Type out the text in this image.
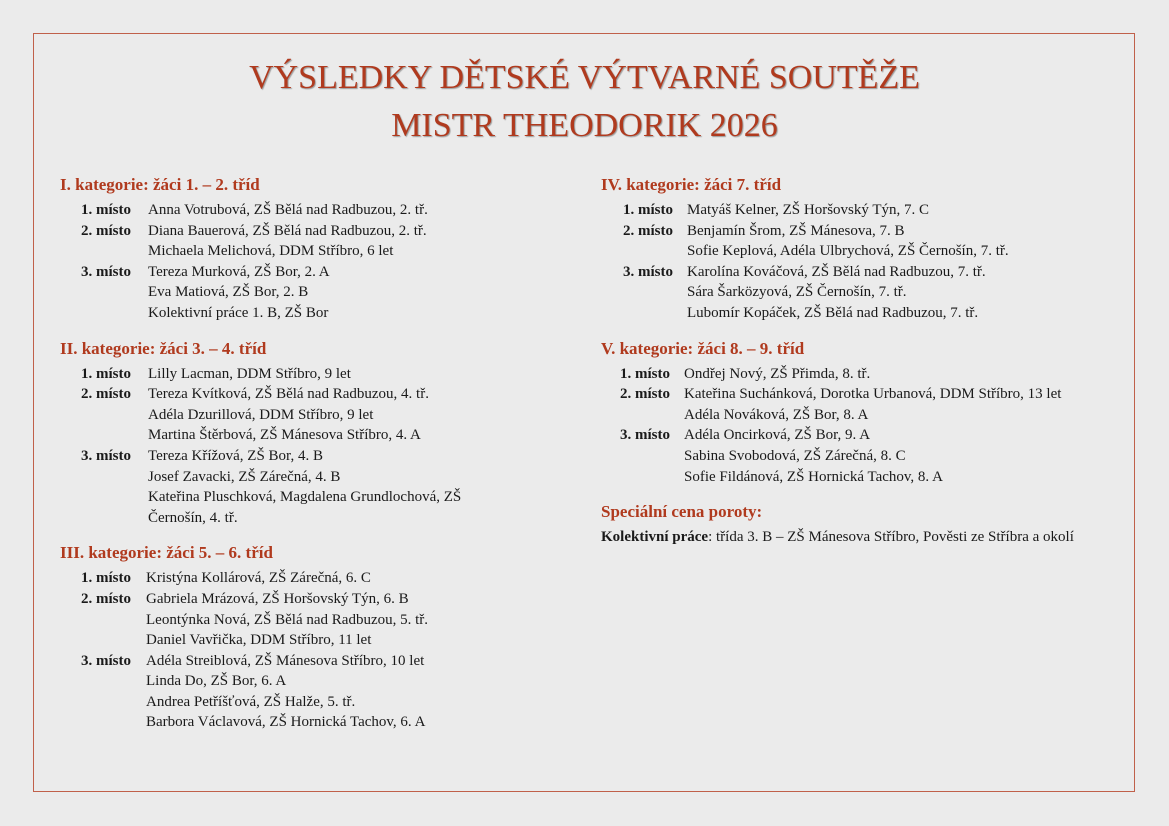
VÝSLEDKY DĚTSKÉ VÝTVARNÉ SOUTĚŽE
MISTR THEODORIK 2026
I. kategorie: žáci 1. – 2. tříd
1. místo Anna Votrubová, ZŠ Bělá nad Radbuzou, 2. tř.
2. místo Diana Bauerová, ZŠ Bělá nad Radbuzou, 2. tř.
Michaela Melichová, DDM Stříbro, 6 let
3. místo Tereza Murková, ZŠ Bor, 2. A
Eva Matiová, ZŠ Bor, 2. B
Kolektivní práce 1. B, ZŠ Bor
II. kategorie: žáci 3. – 4. tříd
1. místo Lilly Lacman, DDM Stříbro, 9 let
2. místo Tereza Kvítková, ZŠ Bělá nad Radbuzou, 4. tř.
Adéla Dzurillová, DDM Stříbro, 9 let
Martina Štěrbová, ZŠ Mánesova Stříbro, 4. A
3. místo Tereza Křížová, ZŠ Bor, 4. B
Josef Zavacki, ZŠ Zárečná, 4. B
Kateřina Pluschková, Magdalena Grundlochová, ZŠ
Černošín, 4. tř.
III. kategorie: žáci 5. – 6. tříd
1. místo Kristýna Kollárová, ZŠ Zárečná, 6. C
2. místo Gabriela Mrázová, ZŠ Horšovský Týn, 6. B
Leontýnka Nová, ZŠ Bělá nad Radbuzou, 5. tř.
Daniel Vavřička, DDM Stříbro, 11 let
3. místo Adéla Streiblová, ZŠ Mánesova Stříbro, 10 let
Linda Do, ZŠ Bor, 6. A
Andrea Petříšťová, ZŠ Halže, 5. tř.
Barbora Václavová, ZŠ Hornická Tachov, 6. A
IV. kategorie: žáci 7. tříd
1. místo Matyáš Kelner, ZŠ Horšovský Týn, 7. C
2. místo Benjamín Šrom, ZŠ Mánesova, 7. B
Sofie Keplová, Adéla Ulbrychová, ZŠ Černošín, 7. tř.
3. místo Karolína Kováčová, ZŠ Bělá nad Radbuzou, 7. tř.
Sára Šarközyová, ZŠ Černošín, 7. tř.
Lubomír Kopáček, ZŠ Bělá nad Radbuzou, 7. tř.
V. kategorie: žáci 8. – 9. tříd
1. místo Ondřej Nový, ZŠ Přimda, 8. tř.
2. místo Kateřina Suchánková, Dorotka Urbanová, DDM Stříbro, 13 let
Adéla Nováková, ZŠ Bor, 8. A
3. místo Adéla Oncirková, ZŠ Bor, 9. A
Sabina Svobodová, ZŠ Zárečná, 8. C
Sofie Fildánová, ZŠ Hornická Tachov, 8. A
Speciální cena poroty:
Kolektivní práce: třída 3. B – ZŠ Mánesova Stříbro, Pověsti ze Stříbra a okolí
